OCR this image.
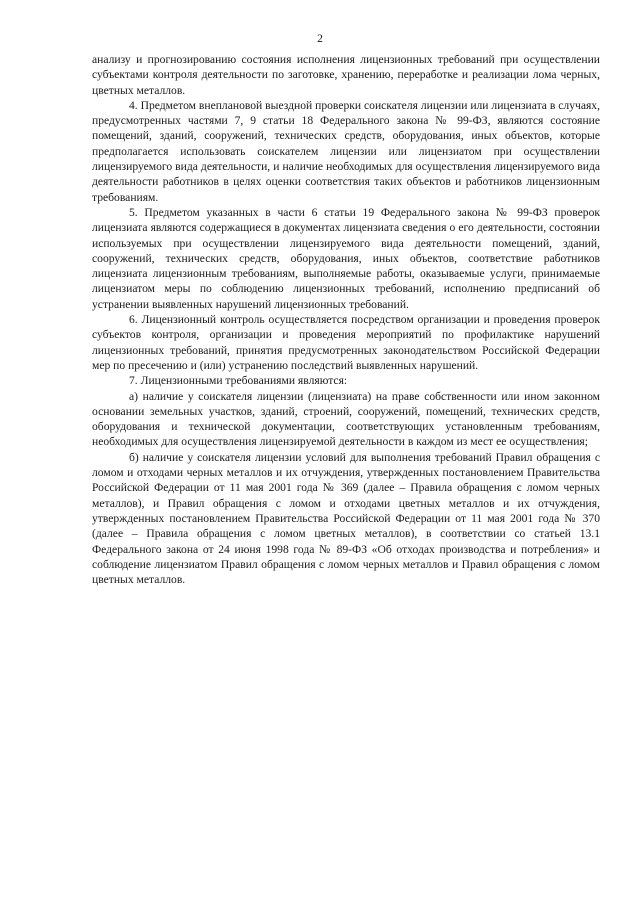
2

анализу и прогнозированию состояния исполнения лицензионных требований при осуществлении субъектами контроля деятельности по заготовке, хранению, переработке и реализации лома черных, цветных металлов.

4. Предметом внеплановой выездной проверки соискателя лицензии или лицензиата в случаях, предусмотренных частями 7, 9 статьи 18 Федерального закона № 99-ФЗ, являются состояние помещений, зданий, сооружений, технических средств, оборудования, иных объектов, которые предполагается использовать соискателем лицензии или лицензиатом при осуществлении лицензируемого вида деятельности, и наличие необходимых для осуществления лицензируемого вида деятельности работников в целях оценки соответствия таких объектов и работников лицензионным требованиям.

5. Предметом указанных в части 6 статьи 19 Федерального закона № 99-ФЗ проверок лицензиата являются содержащиеся в документах лицензиата сведения о его деятельности, состоянии используемых при осуществлении лицензируемого вида деятельности помещений, зданий, сооружений, технических средств, оборудования, иных объектов, соответствие работников лицензиата лицензионным требованиям, выполняемые работы, оказываемые услуги, принимаемые лицензиатом меры по соблюдению лицензионных требований, исполнению предписаний об устранении выявленных нарушений лицензионных требований.

6. Лицензионный контроль осуществляется посредством организации и проведения проверок субъектов контроля, организации и проведения мероприятий по профилактике нарушений лицензионных требований, принятия предусмотренных законодательством Российской Федерации мер по пресечению и (или) устранению последствий выявленных нарушений.

7. Лицензионными требованиями являются:

а) наличие у соискателя лицензии (лицензиата) на праве собственности или ином законном основании земельных участков, зданий, строений, сооружений, помещений, технических средств, оборудования и технической документации, соответствующих установленным требованиям, необходимых для осуществления лицензируемой деятельности в каждом из мест ее осуществления;

б) наличие у соискателя лицензии условий для выполнения требований Правил обращения с ломом и отходами черных металлов и их отчуждения, утвержденных постановлением Правительства Российской Федерации от 11 мая 2001 года № 369 (далее – Правила обращения с ломом черных металлов), и Правил обращения с ломом и отходами цветных металлов и их отчуждения, утвержденных постановлением Правительства Российской Федерации от 11 мая 2001 года № 370 (далее – Правила обращения с ломом цветных металлов), в соответствии со статьей 13.1 Федерального закона от 24 июня 1998 года № 89-ФЗ «Об отходах производства и потребления» и соблюдение лицензиатом Правил обращения с ломом черных металлов и Правил обращения с ломом цветных металлов.
